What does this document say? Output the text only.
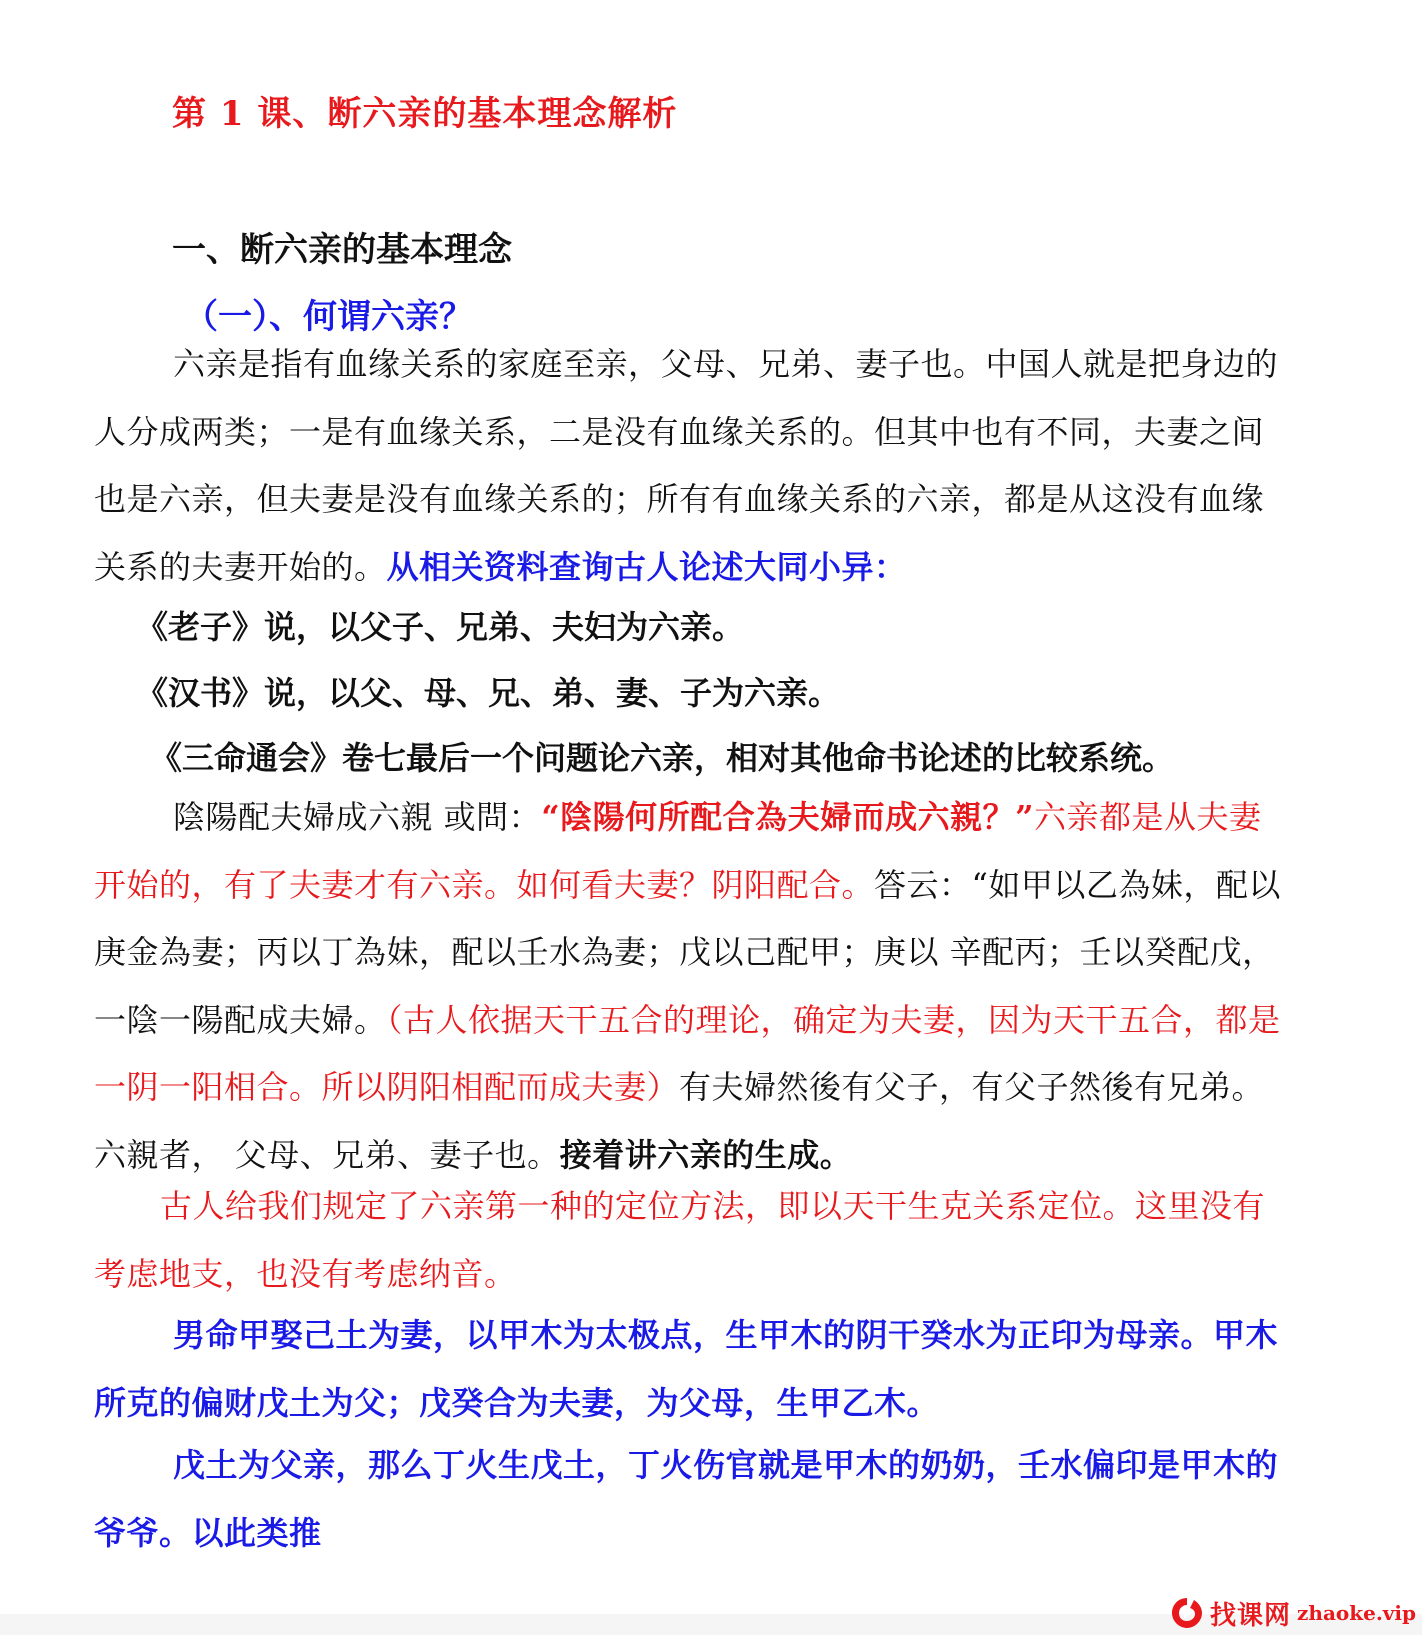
第 1 课、断六亲的基本理念解析
一、断六亲的基本理念
（一）、何谓六亲？
六亲是指有血缘关系的家庭至亲，父母、兄弟、妻子也。中国人就是把身边的人分成两类；一是有血缘关系，二是没有血缘关系的。但其中也有不同，夫妻之间也是六亲，但夫妻是没有血缘关系的；所有有血缘关系的六亲，都是从这没有血缘关系的夫妻开始的。从相关资料查询古人论述大同小异：
《老子》说，以父子、兄弟、夫妇为六亲。
《汉书》说，以父、母、兄、弟、妻、子为六亲。
《三命通会》卷七最后一个问题论六亲，相对其他命书论述的比较系统。
陰陽配夫婦成六親 或問：“陰陽何所配合為夫婦而成六親？”六亲都是从夫妻开始的，有了夫妻才有六亲。如何看夫妻？阴阳配合。答云：“如甲以乙為妹，配以庚金為妻；丙以丁為妹，配以壬水為妻；戊以己配甲；庚以 辛配丙；壬以癸配戊，一陰一陽配成夫婦。（古人依据天干五合的理论，确定为夫妻，因为天干五合，都是一阴一阳相合。所以阴阳相配而成夫妻）有夫婦然後有父子，有父子然後有兄弟。六親者， 父母、兄弟、妻子也。接着讲六亲的生成。
古人给我们规定了六亲第一种的定位方法，即以天干生克关系定位。这里没有考虑地支，也没有考虑纳音。
男命甲娶己土为妻，以甲木为太极点，生甲木的阴干癸水为正印为母亲。甲木所克的偏财戊土为父；戊癸合为夫妻，为父母，生甲乙木。
戊土为父亲，那么丁火生戊土，丁火伤官就是甲木的奶奶，壬水偏印是甲木的爷爷。以此类推
找课网 zhaoke.vip
